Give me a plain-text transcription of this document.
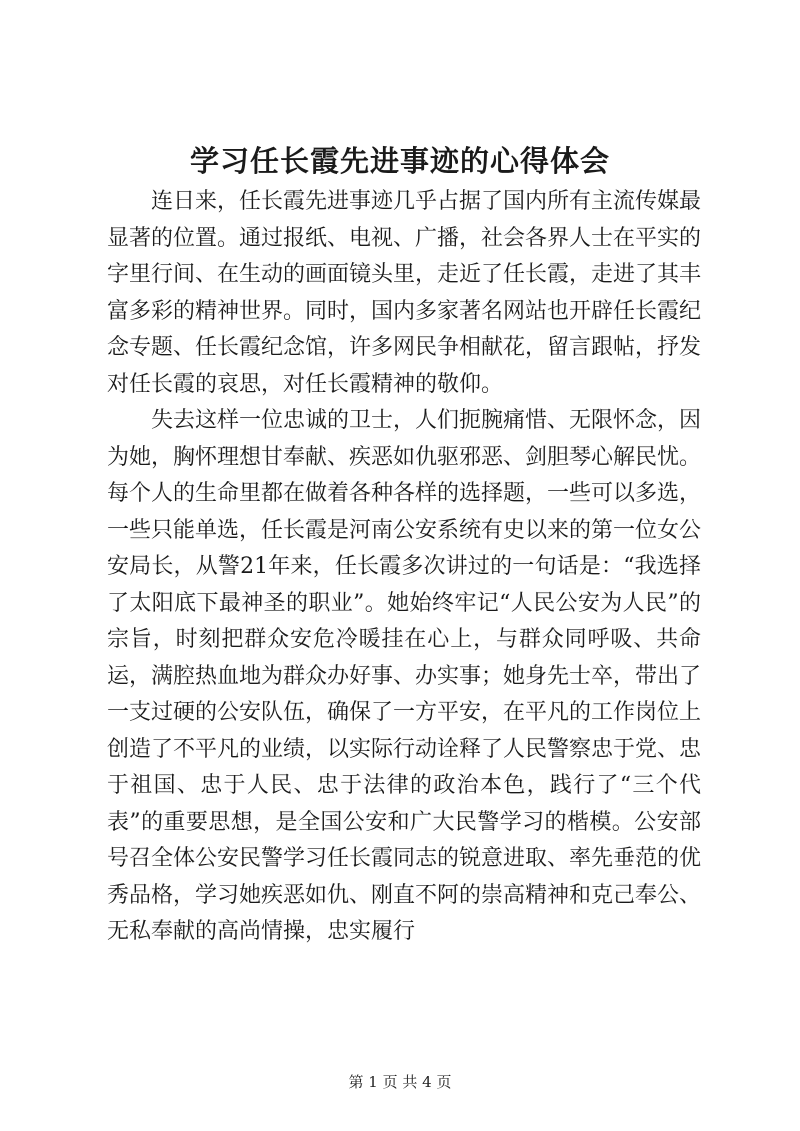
学习任长霞先进事迹的心得体会

连日来，任长霞先进事迹几乎占据了国内所有主流传媒最显著的位置。通过报纸、电视、广播，社会各界人士在平实的字里行间、在生动的画面镜头里，走近了任长霞，走进了其丰富多彩的精神世界。同时，国内多家著名网站也开辟任长霞纪念专题、任长霞纪念馆，许多网民争相献花，留言跟帖，抒发对任长霞的哀思，对任长霞精神的敬仰。

失去这样一位忠诚的卫士，人们扼腕痛惜、无限怀念，因为她，胸怀理想甘奉献、疾恶如仇驱邪恶、剑胆琴心解民忧。每个人的生命里都在做着各种各样的选择题，一些可以多选，一些只能单选，任长霞是河南公安系统有史以来的第一位女公安局长，从警21年来，任长霞多次讲过的一句话是：“我选择了太阳底下最神圣的职业”。她始终牢记“人民公安为人民”的宗旨，时刻把群众安危冷暖挂在心上，与群众同呼吸、共命运，满腔热血地为群众办好事、办实事；她身先士卒，带出了一支过硬的公安队伍，确保了一方平安，在平凡的工作岗位上创造了不平凡的业绩，以实际行动诠释了人民警察忠于党、忠于祖国、忠于人民、忠于法律的政治本色，践行了“三个代表”的重要思想，是全国公安和广大民警学习的楷模。公安部号召全体公安民警学习任长霞同志的锐意进取、率先垂范的优秀品格，学习她疾恶如仇、刚直不阿的崇高精神和克己奉公、无私奉献的高尚情操，忠实履行

第 1 页 共 4 页
